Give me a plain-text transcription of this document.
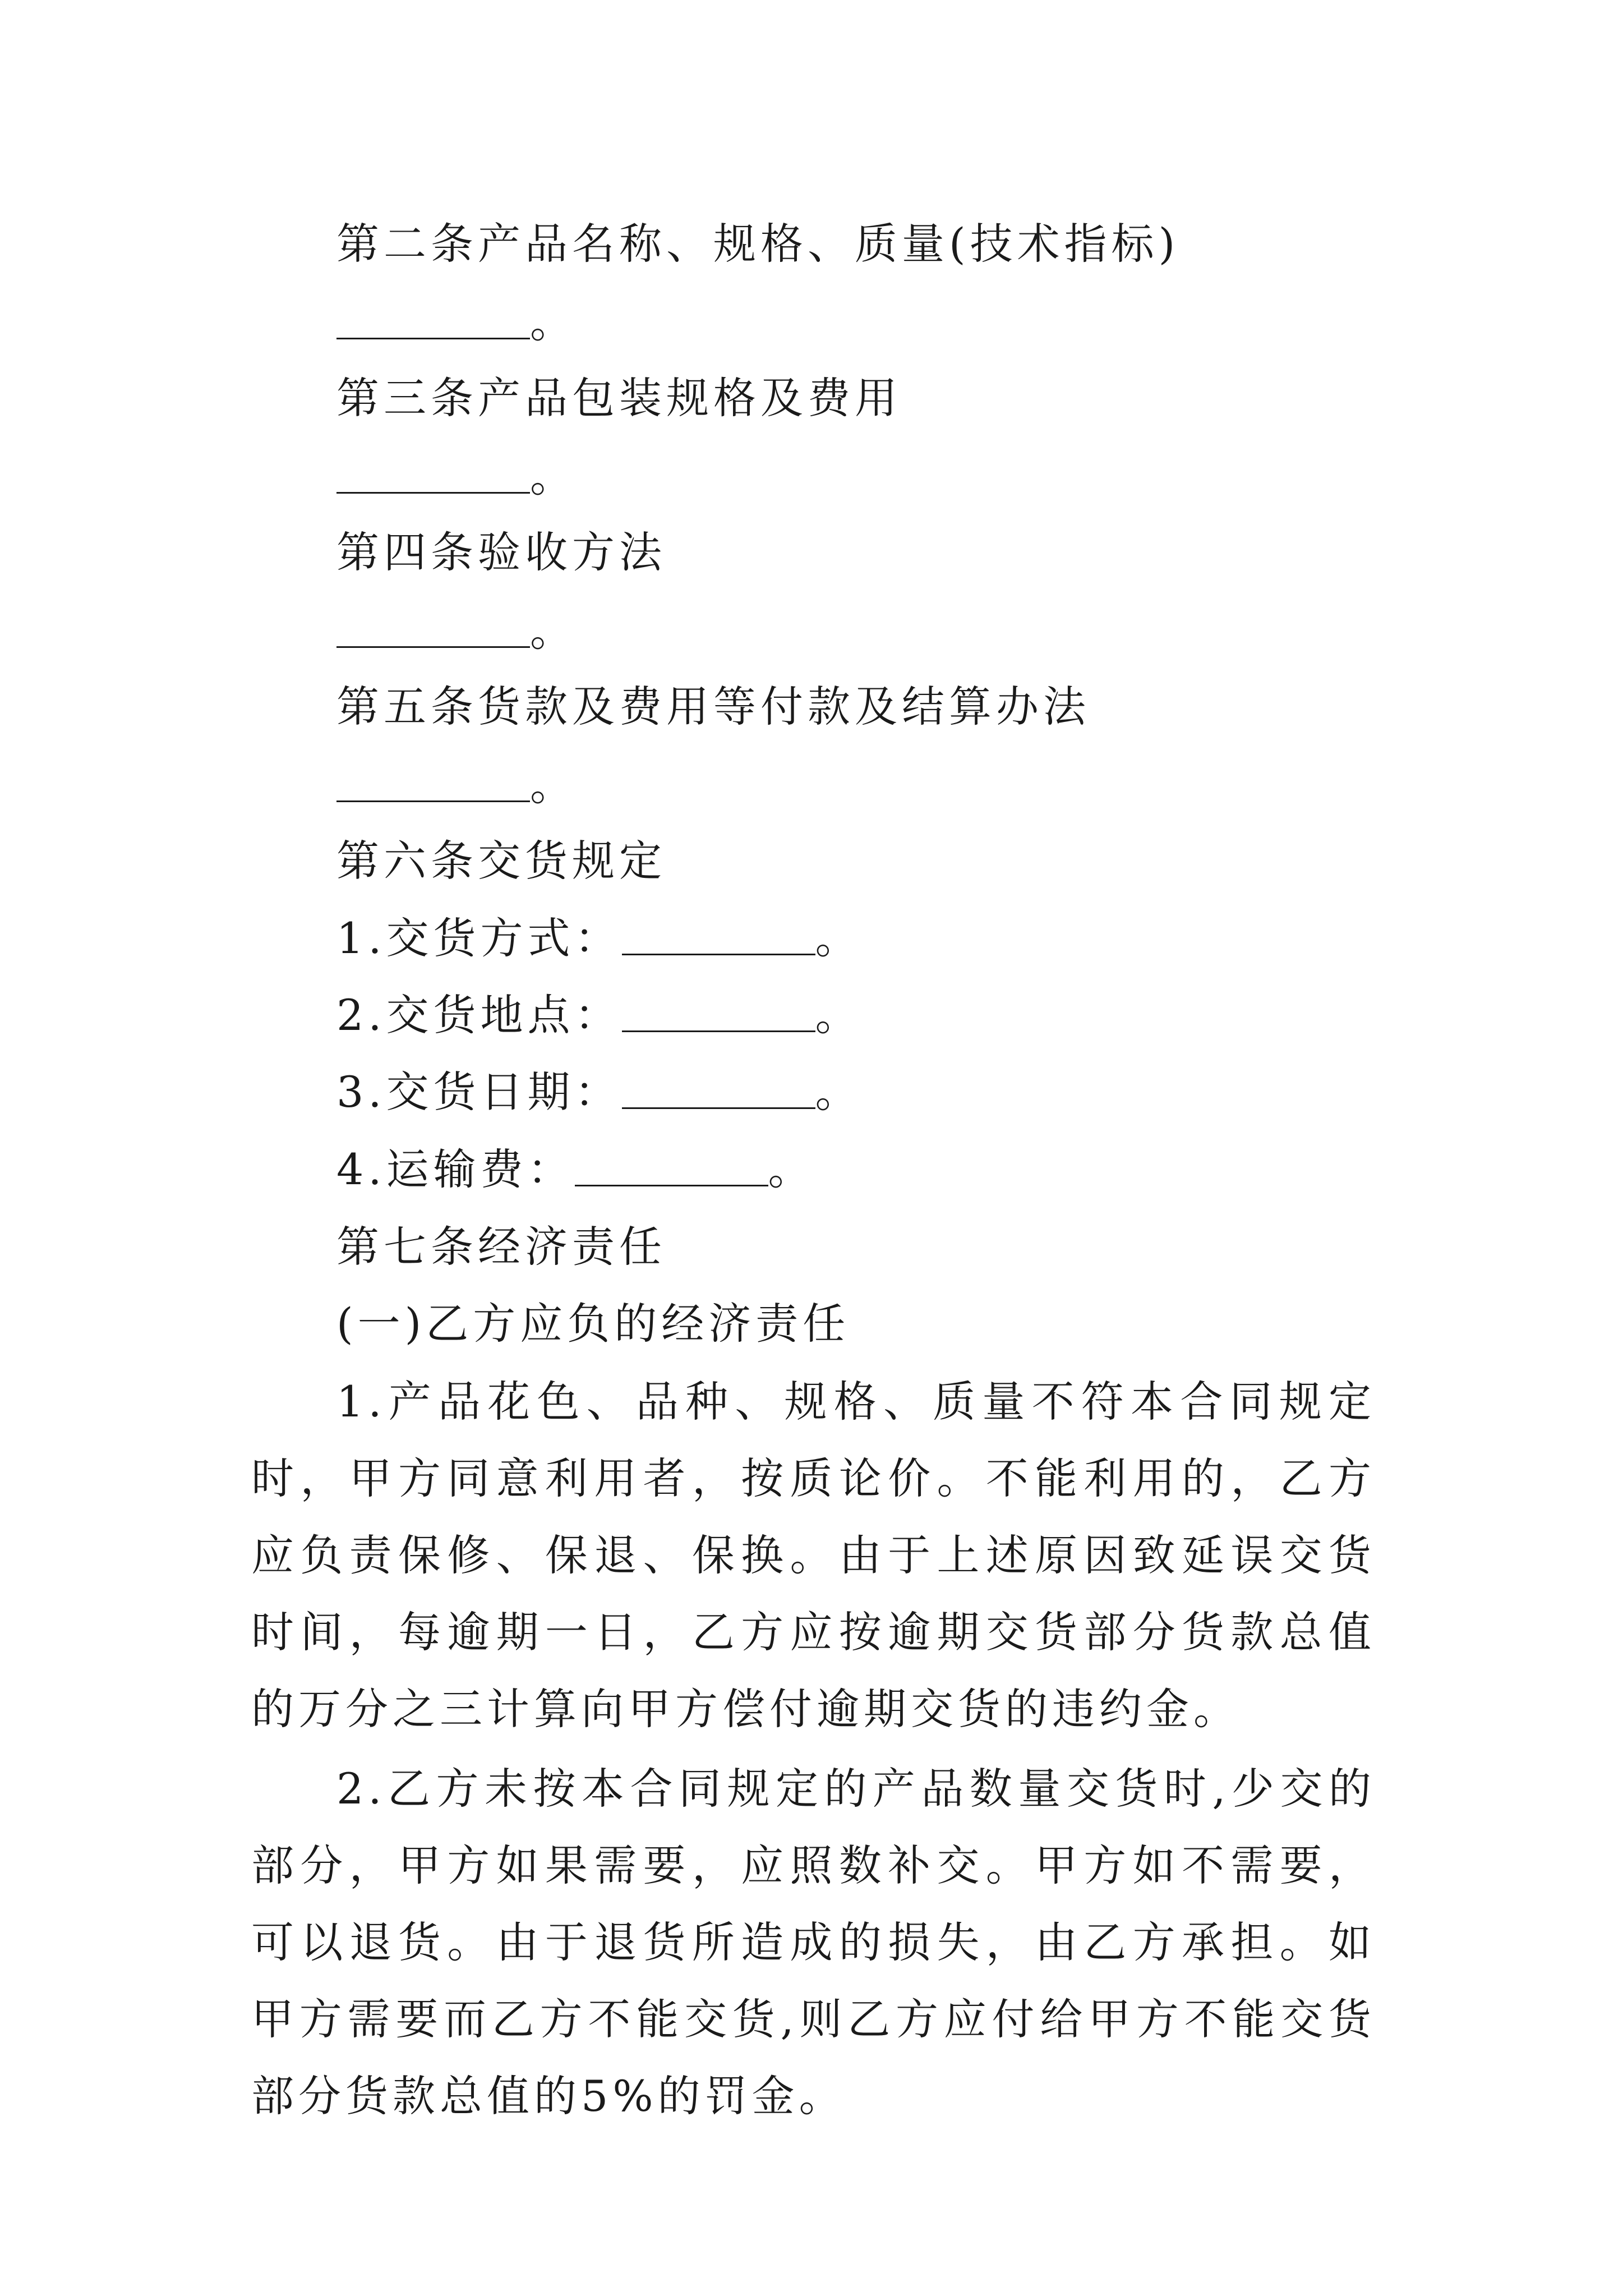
第二条产品名称、规格、质量(技术指标)
。
第三条产品包装规格及费用
。
第四条验收方法
。
第五条货款及费用等付款及结算办法
。
第六条交货规定
1.交货方式：	。
2.交货地点：	。
3.交货日期：	。
4.运输费：	。
第七条经济责任
(一)乙方应负的经济责任

1.产品花色、品种、规格、质量不符本合同规定时，甲方同意利用者，按质论价。不能利用的，乙方应负责保修、保退、保换。由于上述原因致延误交货时间，每逾期一日，乙方应按逾期交货部分货款总值的万分之三计算向甲方偿付逾期交货的违约金。

2.乙方未按本合同规定的产品数量交货时,少交的部分，甲方如果需要，应照数补交。甲方如不需要，可以退货。由于退货所造成的损失，由乙方承担。如甲方需要而乙方不能交货,则乙方应付给甲方不能交货部分货款总值的5%的罚金。
